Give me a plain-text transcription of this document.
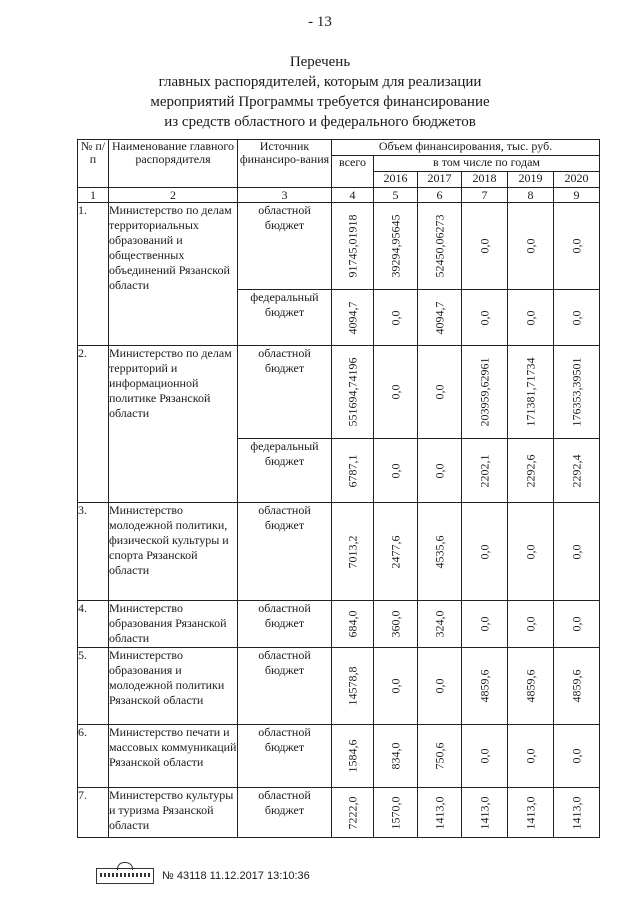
- 13
Перечень
главных распорядителей, которым для реализации
мероприятий Программы требуется финансирование
из средств областного и федерального бюджетов
№ п/п	Наименование главного распорядителя	Источник финансиро-вания	Объем финансирования, тыс. руб.					
			всего	в том числе по годам				
				2016	2017	2018	2019	2020
1	2	3	4	5	6	7	8	9
1.	Министерство по делам территориальных образований и общественных объединений Рязанской области	областной бюджет	91745,01918	39294,95645	52450,06273	0,0	0,0	0,0

		федеральный бюджет	4094,7	0,0	4094,7	0,0	0,0	0,0

2.	Министерство по делам территорий и информационной политике Рязанской области	областной бюджет	551694,74196	0,0	0,0	203959,62961	171381,71734	176353,39501

		федеральный бюджет	6787,1	0,0	0,0	2202,1	2292,6	2292,4

3.	Министерство молодежной политики, физической культуры и спорта Рязанской области	областной бюджет	7013,2	2477,6	4535,6	0,0	0,0	0,0

4.	Министерство образования Рязанской области	областной бюджет	684,0	360,0	324,0	0,0	0,0	0,0

5.	Министерство образования и молодежной политики Рязанской области	областной бюджет	14578,8	0,0	0,0	4859,6	4859,6	4859,6

6.	Министерство печати и массовых коммуникаций Рязанской области	областной бюджет	1584,6	834,0	750,6	0,0	0,0	0,0

7.	Министерство культуры и туризма Рязанской области	областной бюджет	7222,0	1570,0	1413,0	1413,0	1413,0	1413,0
№ 43118 11.12.2017 13:10:36
